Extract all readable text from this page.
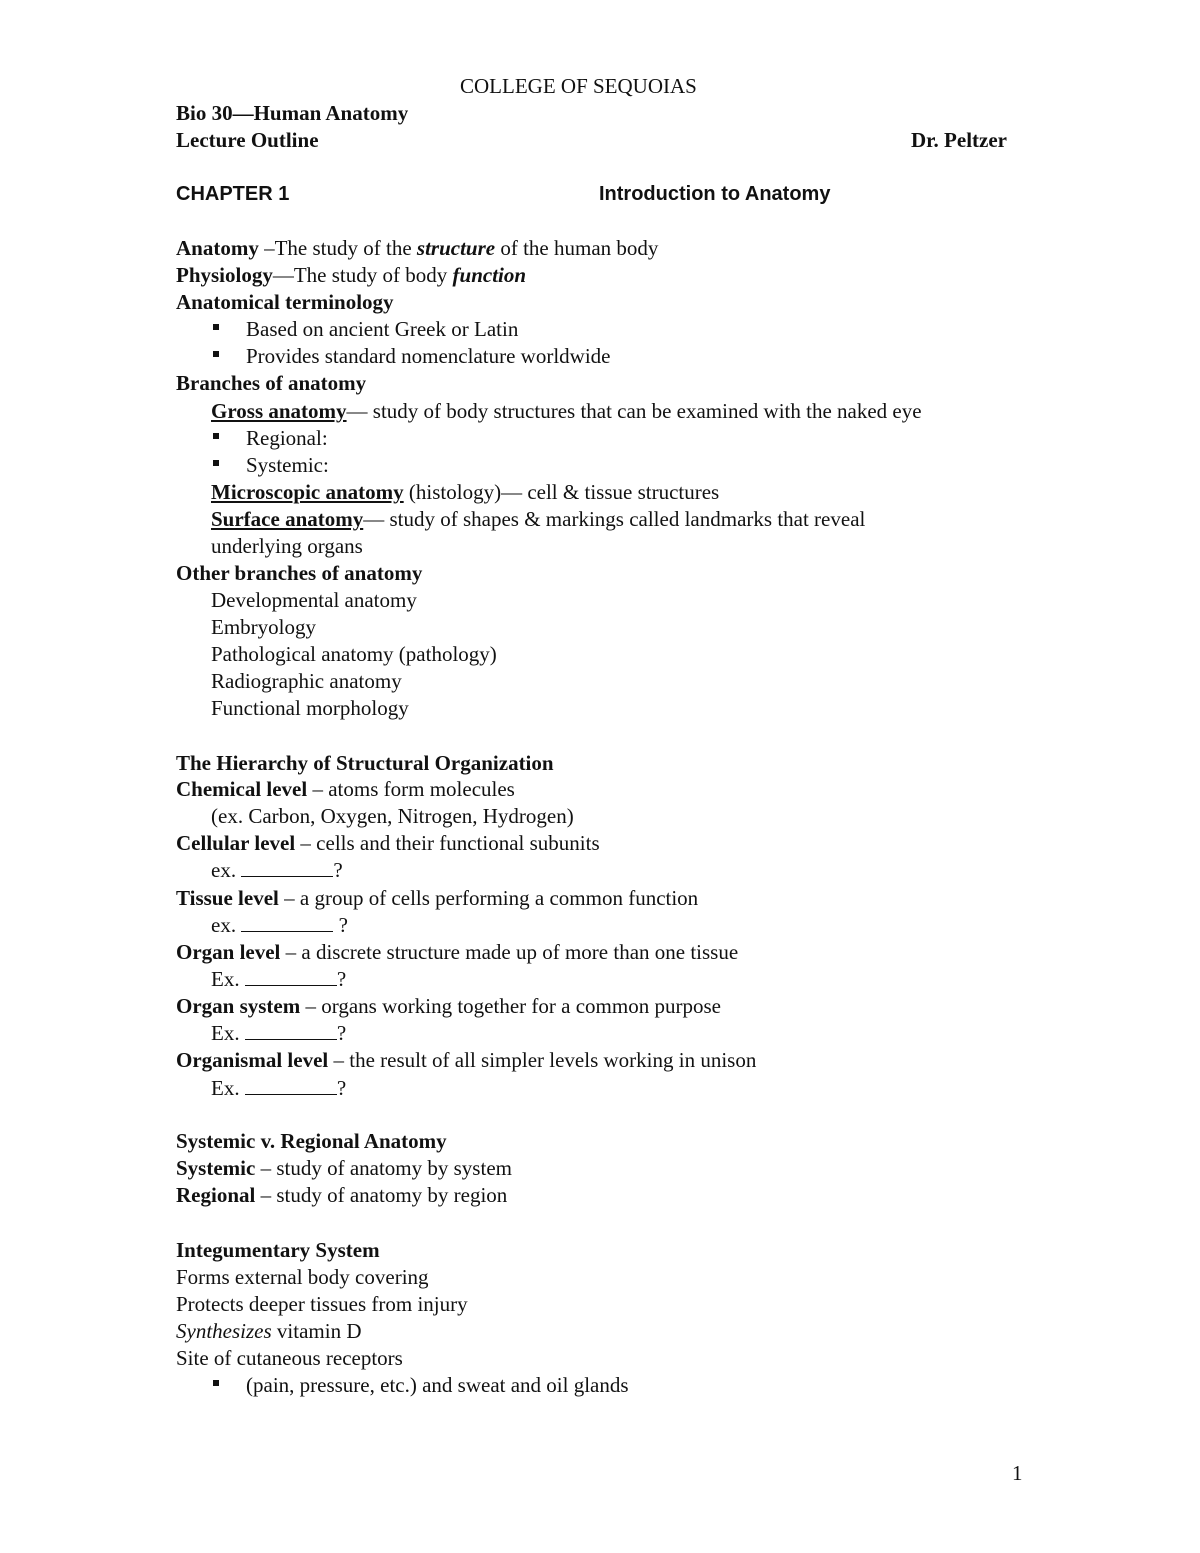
COLLEGE OF SEQUOIAS
Bio 30—Human Anatomy
Lecture Outline	Dr. Peltzer
CHAPTER 1	Introduction to Anatomy
Anatomy –The study of the structure of the human body
Physiology—The study of body function
Anatomical terminology
Based on ancient Greek or Latin
Provides standard nomenclature worldwide
Branches of anatomy
Gross anatomy— study of body structures that can be examined with the naked eye
Regional:
Systemic:
Microscopic anatomy (histology)— cell & tissue structures
Surface anatomy— study of shapes & markings called landmarks that reveal
underlying organs
Other branches of anatomy
Developmental anatomy
Embryology
Pathological anatomy (pathology)
Radiographic anatomy
Functional morphology
The Hierarchy of Structural Organization
Chemical level – atoms form molecules
(ex. Carbon, Oxygen, Nitrogen, Hydrogen)
Cellular level – cells and their functional subunits
ex.	?
Tissue level – a group of cells performing a common function
ex.	?
Organ level – a discrete structure made up of more than one tissue
Ex.	?
Organ system – organs working together for a common purpose
Ex.	?
Organismal level – the result of all simpler levels working in unison
Ex.	?
Systemic v. Regional Anatomy
Systemic – study of anatomy by system
Regional – study of anatomy by region
Integumentary System
Forms external body covering
Protects deeper tissues from injury
Synthesizes vitamin D
Site of cutaneous receptors
(pain, pressure, etc.) and sweat and oil glands
1
